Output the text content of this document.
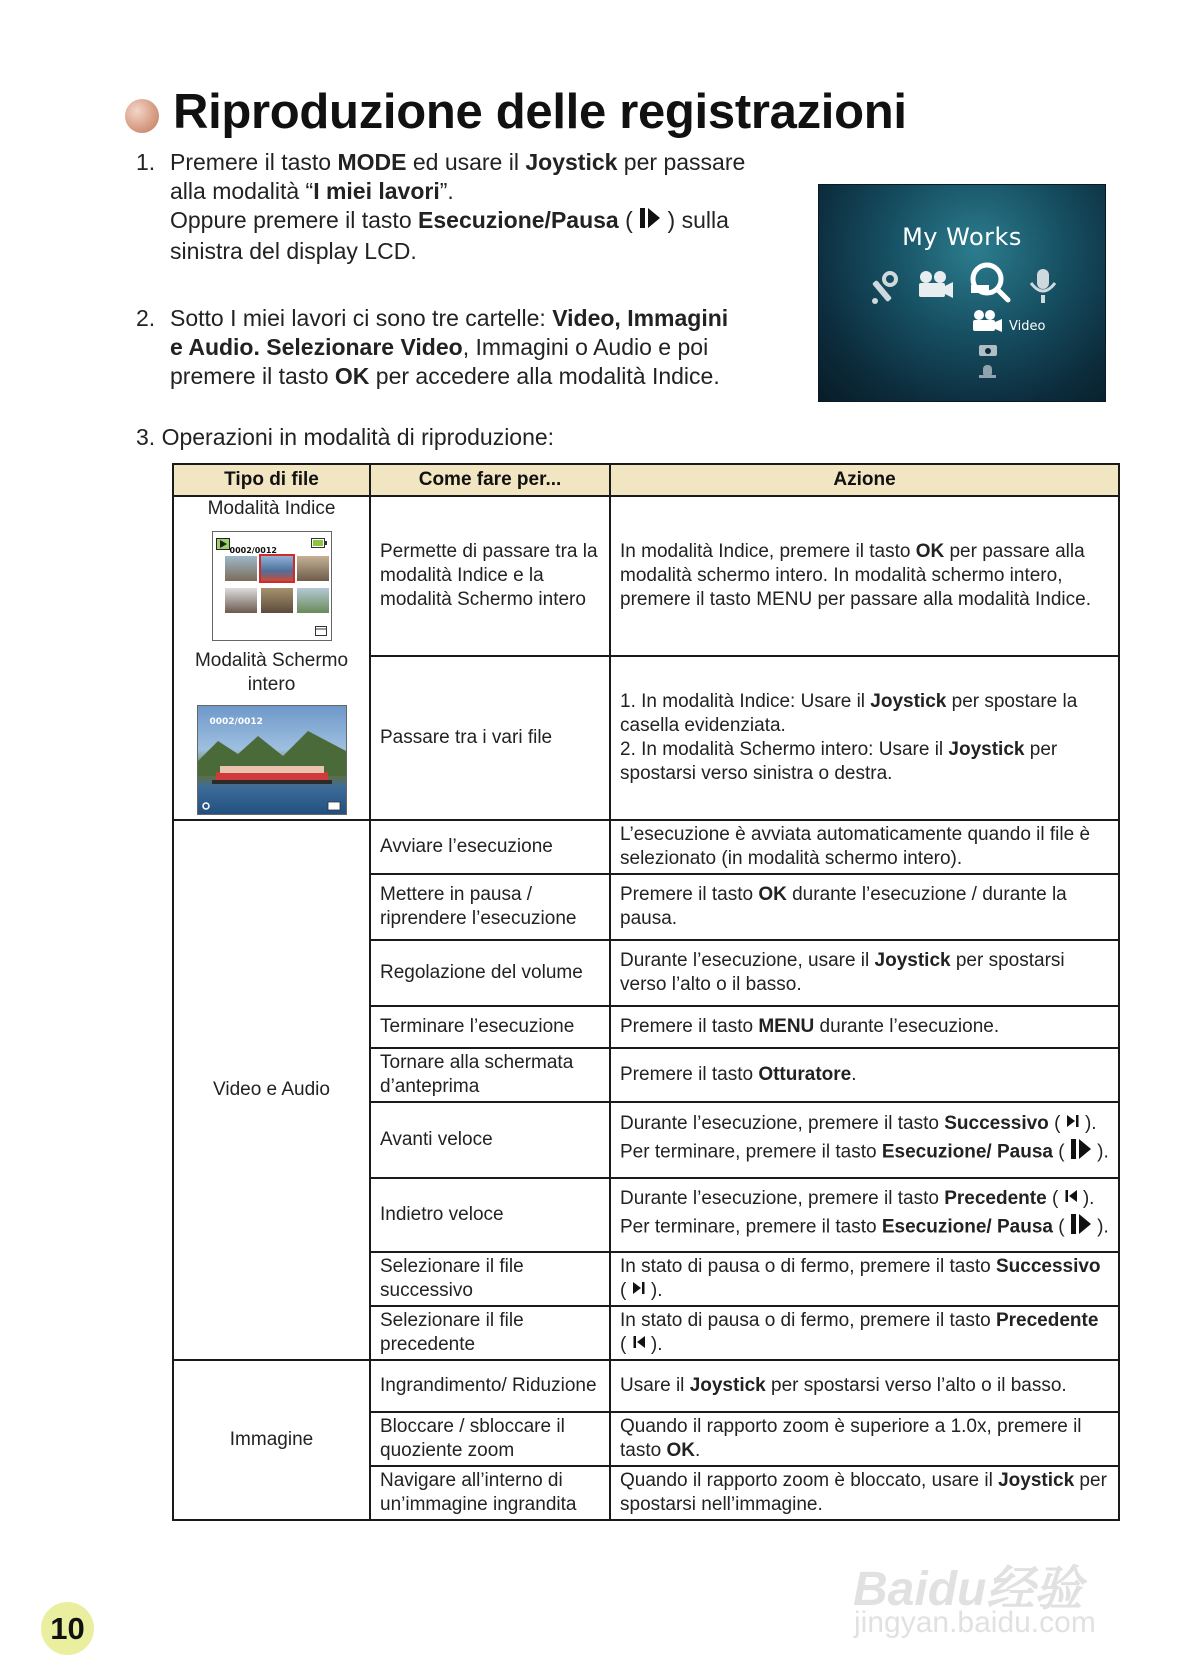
Riproduzione delle registrazioni
1. Premere il tasto MODE ed usare il Joystick per passare
alla modalità “I miei lavori”.
Oppure premere il tasto Esecuzione/Pausa (  ) sulla
sinistra del display LCD.
2. Sotto I miei lavori ci sono tre cartelle: Video, Immagini
e Audio. Selezionare Video, Immagini o Audio e poi
premere il tasto OK per accedere alla modalità Indice.
My Works
Video
3. Operazioni in modalità di riproduzione:
Tipo di file	Come fare per...	Azione

Modalità Indice
0002/0012
Modalità Schermo intero
0002/0012	Permette di passare tra la modalità Indice e la modalità Schermo intero	In modalità Indice, premere il tasto OK per passare alla modalità schermo intero. In modalità schermo intero, premere il tasto MENU per passare alla modalità Indice.
	Passare tra i vari file	1. In modalità Indice: Usare il Joystick per spostare la casella evidenziata.
2. In modalità Schermo intero: Usare il Joystick per spostarsi verso sinistra o destra.
Video e Audio	Avviare l’esecuzione	L’esecuzione è avviata automaticamente quando il file è selezionato (in modalità schermo intero).
	Mettere in pausa / riprendere l’esecuzione	Premere il tasto OK durante l’esecuzione / durante la pausa.
	Regolazione del volume	Durante l’esecuzione, usare il Joystick per spostarsi verso l’alto o il basso.
	Terminare l’esecuzione	Premere il tasto MENU durante l’esecuzione.
	Tornare alla schermata d’anteprima	Premere il tasto Otturatore.
	Avanti veloce	Durante l’esecuzione, premere il tasto Successivo (  ). Per terminare, premere il tasto Esecuzione/ Pausa (  ).
	Indietro veloce	Durante l’esecuzione, premere il tasto Precedente (  ). Per terminare, premere il tasto Esecuzione/ Pausa (  ).
	Selezionare il file successivo	In stato di pausa o di fermo, premere il tasto Successivo (  ).
	Selezionare il file precedente	In stato di pausa o di fermo, premere il tasto Precedente (  ).
Immagine	Ingrandimento/ Riduzione	Usare il Joystick per spostarsi verso l’alto o il basso.
	Bloccare / sbloccare il quoziente zoom	Quando il rapporto zoom è superiore a 1.0x, premere il tasto OK.
	Navigare all’interno di un’immagine ingrandita	Quando il rapporto zoom è bloccato, usare il Joystick per spostarsi nell’immagine.
10
Baidu经验
jingyan.baidu.com
